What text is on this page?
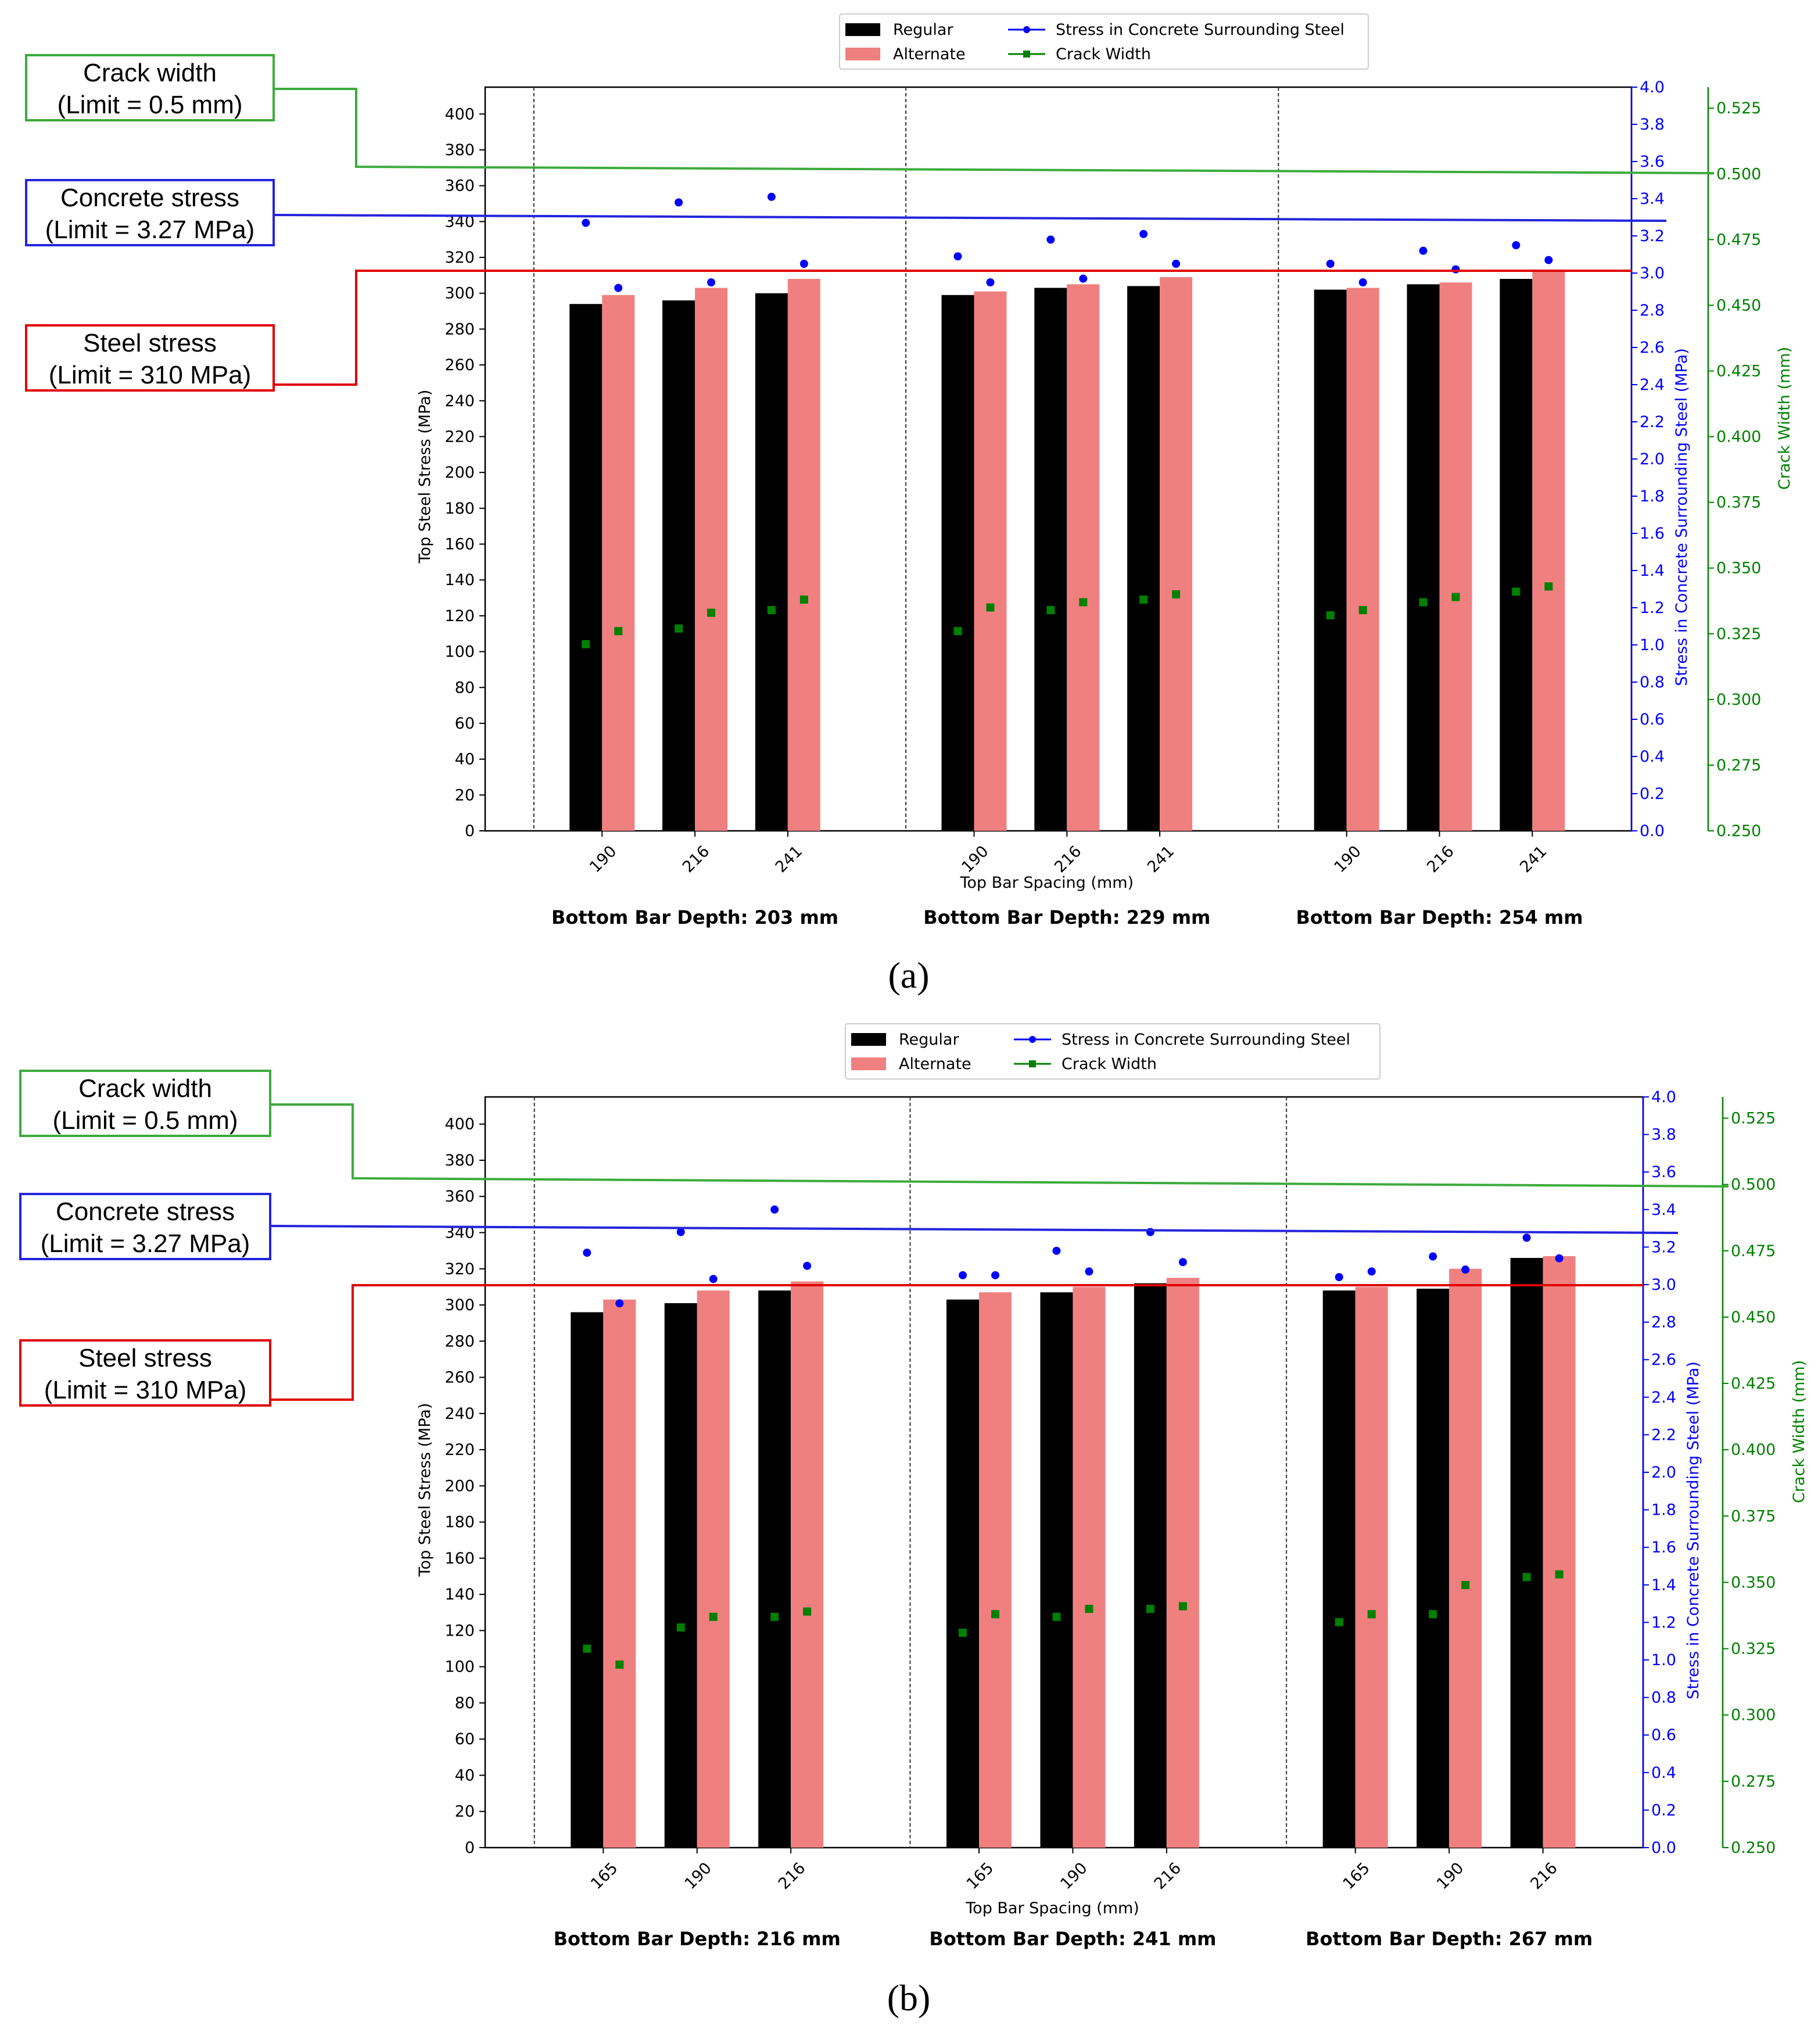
0
20
40
60
80
100
120
140
160
180
200
220
240
260
280
300
320
340
360
380
400
Top Steel Stress (MPa)
0.0
0.2
0.4
0.6
0.8
1.0
1.2
1.4
1.6
1.8
2.0
2.2
2.4
2.6
2.8
3.0
3.2
3.4
3.6
3.8
4.0
Stress in Concrete Surrounding Steel (MPa)
0.250
0.275
0.300
0.325
0.350
0.375
0.400
0.425
0.450
0.475
0.500
0.525
Crack Width (mm)
190	216	241
Bottom Bar Depth: 203 mm
190	216	241
Bottom Bar Depth: 229 mm
190	216	241
Bottom Bar Depth: 254 mm
Top Bar Spacing (mm)
Regular
Alternate
Stress in Concrete Surrounding Steel
Crack Width
Crack width
(Limit = 0.5 mm)
Concrete stress
(Limit = 3.27 MPa)
Steel stress
(Limit = 310 MPa)
(a)
0
20
40
60
80
100
120
140
160
180
200
220
240
260
280
300
320
340
360
380
400
Top Steel Stress (MPa)
0.0
0.2
0.4
0.6
0.8
1.0
1.2
1.4
1.6
1.8
2.0
2.2
2.4
2.6
2.8
3.0
3.2
3.4
3.6
3.8
4.0
Stress in Concrete Surrounding Steel (MPa)
0.250
0.275
0.300
0.325
0.350
0.375
0.400
0.425
0.450
0.475
0.500
0.525
Crack Width (mm)
165	190	216
Bottom Bar Depth: 216 mm
165	190	216
Bottom Bar Depth: 241 mm
165	190	216
Bottom Bar Depth: 267 mm
Top Bar Spacing (mm)
Regular
Alternate
Stress in Concrete Surrounding Steel
Crack Width
Crack width
(Limit = 0.5 mm)
Concrete stress
(Limit = 3.27 MPa)
Steel stress
(Limit = 310 MPa)
(b)
